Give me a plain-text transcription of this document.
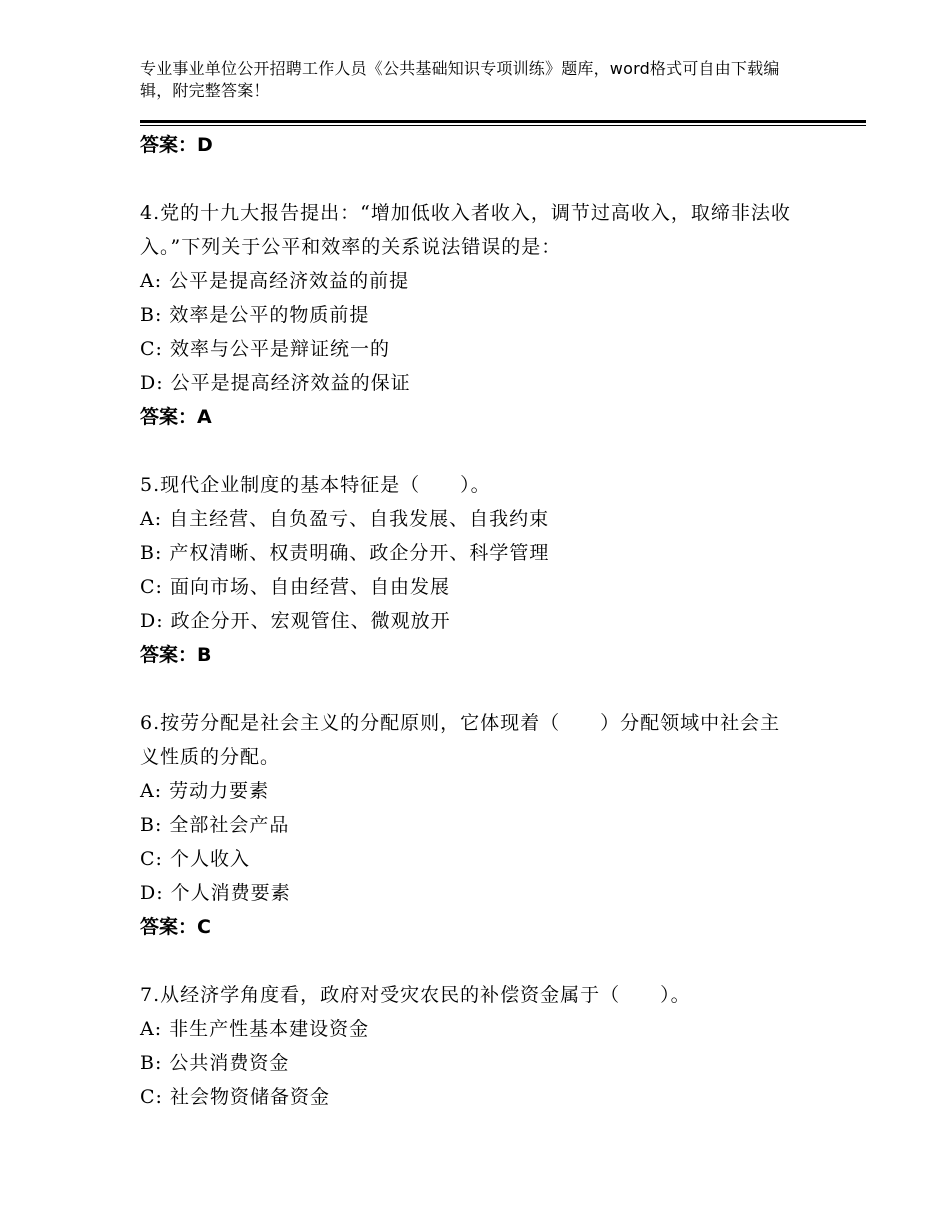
专业事业单位公开招聘工作人员《公共基础知识专项训练》题库，word格式可自由下载编辑，附完整答案！
答案：D
4.党的十九大报告提出：“增加低收入者收入，调节过高收入，取缔非法收入。”下列关于公平和效率的关系说法错误的是：
A: 公平是提高经济效益的前提
B: 效率是公平的物质前提
C: 效率与公平是辩证统一的
D: 公平是提高经济效益的保证
答案：A
5.现代企业制度的基本特征是（　　）。
A: 自主经营、自负盈亏、自我发展、自我约束
B: 产权清晰、权责明确、政企分开、科学管理
C: 面向市场、自由经营、自由发展
D: 政企分开、宏观管住、微观放开
答案：B
6.按劳分配是社会主义的分配原则，它体现着（　　）分配领域中社会主义性质的分配。
A: 劳动力要素
B: 全部社会产品
C: 个人收入
D: 个人消费要素
答案：C
7.从经济学角度看，政府对受灾农民的补偿资金属于（　　）。
A: 非生产性基本建设资金
B: 公共消费资金
C: 社会物资储备资金
